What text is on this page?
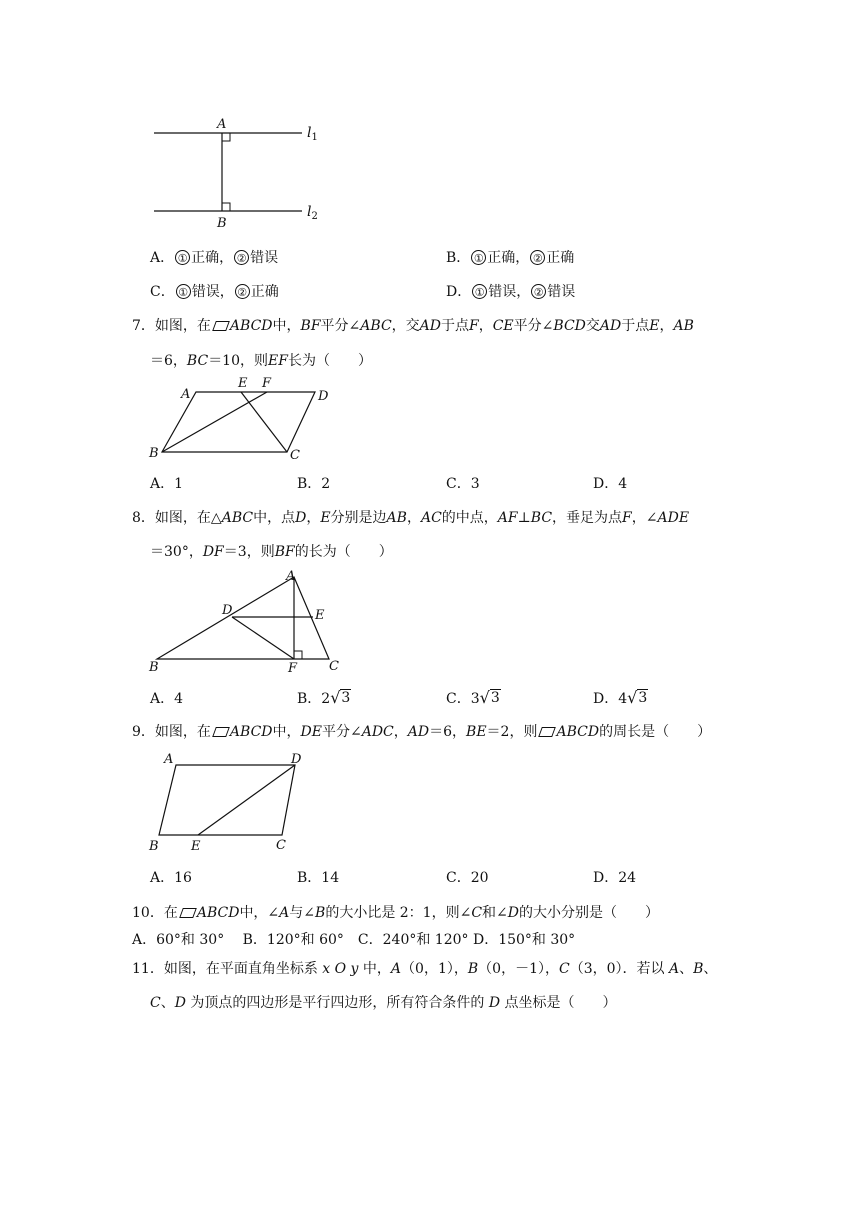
A
B
$l_1$
$l_2$
A． ① 正确， ② 错误	B． ① 正确， ② 正确
C． ① 错误， ② 正确	D． ① 错误， ② 错误
7．如图，在 ABCD中，BF平分∠ABC，交AD于点F，CE平分∠BCD交AD于点E，AB
＝6，BC＝10，则EF长为（　　）
A
E F
D
B	C
A．1	B．2	C．3	D．4
8．如图，在△ABC中，点D，E分别是边AB，AC的中点，AF⊥BC，垂足为点F，∠ADE
＝30°，DF＝3，则BF的长为（　　）
A
D	E
B	F C
A．4	B．2 √ 3	C．3 √ 3	D．4 √ 3
9．如图，在 ABCD中，DE平分∠ADC，AD＝6，BE＝2，则 ABCD的周长是（　　）
A	D
B E	C
A．16	B．14	C．20	D．24
10．在 ABCD中，∠A与∠B的大小比是 2：1，则∠C和∠D的大小分别是（　　）
A．60°和 30°　 B．120°和 60°　C．240°和 120° D．150°和 30°
11．如图，在平面直角坐标系 x O y 中，A（0，1），B（0，－1），C（3，0）．若以 A、B、
C、D 为顶点的四边形是平行四边形，所有符合条件的 D 点坐标是（　　）
